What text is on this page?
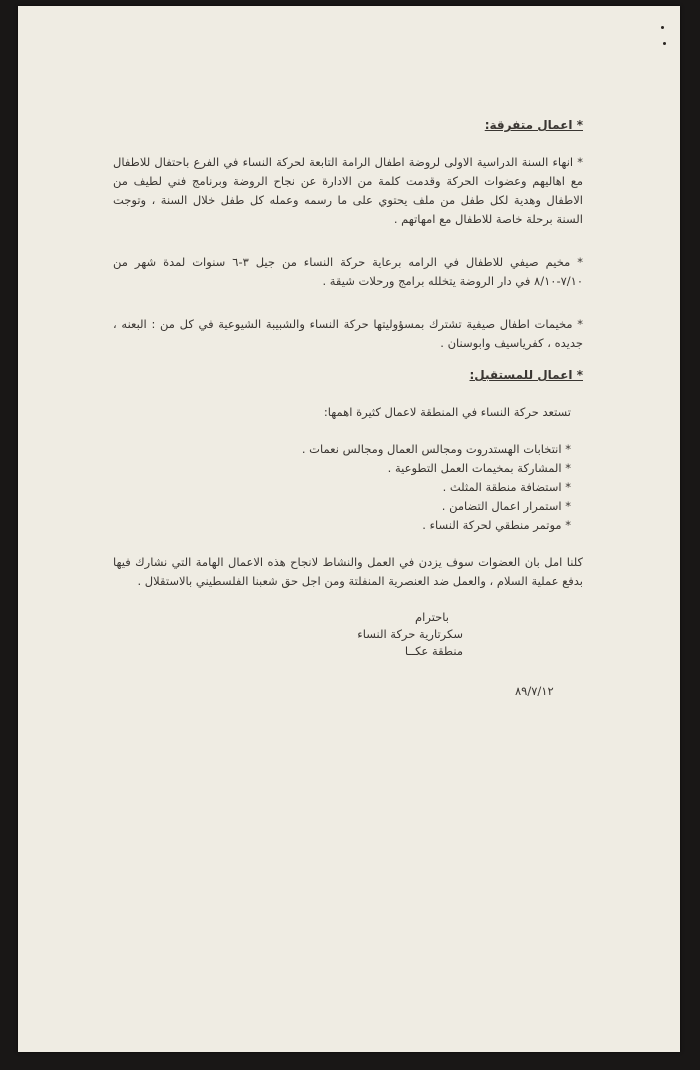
* اعمال متفرقة:

* انهاء السنة الدراسية الاولى لروضة اطفال الرامة التابعة لحركة النساء في الفرع باحتفال للاطفال مع اهاليهم وعضوات الحركة وقدمت كلمة من الادارة عن نجاح الروضة وبرنامج فني لطيف من الاطفال وهدية لكل طفل من ملف يحتوي على ما رسمه وعمله كل طفل خلال السنة ، وتوجت السنة برحلة خاصة للاطفال مع امهاتهم .

* مخيم صيفي للاطفال في الرامه برعاية حركة النساء من جيل ٣-٦ سنوات لمدة شهر من ٧/١٠-٨/١٠ في دار الروضة يتخلله برامج ورحلات شيقة .

* مخيمات اطفال صيفية تشترك بمسؤوليتها حركة النساء والشبيبة الشيوعية في كل من : البعنه ، جديده ، كفرياسيف وابوسنان .

* اعمال للمستقبل:

تستعد حركة النساء في المنطقة لاعمال كثيرة اهمها:

* انتخابات الهستدروت ومجالس العمال ومجالس نعمات .
* المشاركة بمخيمات العمل التطوعية .
* استضافة منطقة المثلث .
* استمرار اعمال التضامن .
* موتمر منطقي لحركة النساء .

كلنا امل بان العضوات سوف يزدن في العمل والنشاط لانجاح هذه الاعمال الهامة التي نشارك فيها بدفع عملية السلام ، والعمل ضد العنصرية المنفلتة ومن اجل حق شعبنا الفلسطيني بالاستقلال .

باحترام
سكرتارية حركة النساء
منطقة عكــا
٨٩/٧/١٢
